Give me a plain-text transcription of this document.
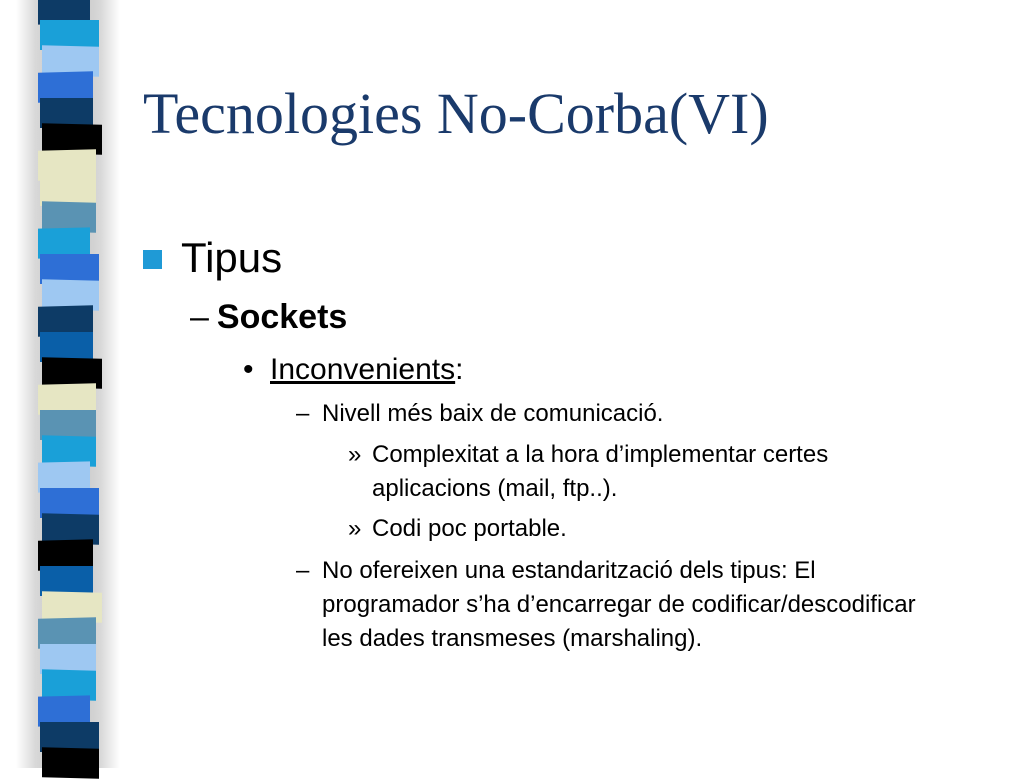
Tecnologies No-Corba(VI)
Tipus
– Sockets
• Inconvenients:
– Nivell més baix de comunicació.
» Complexitat a la hora d’implementar certes aplicacions (mail, ftp..).
» Codi poc portable.
– No ofereixen una estandarització dels tipus: El programador s’ha d’encarregar de codificar/descodificar les dades transmeses (marshaling).
